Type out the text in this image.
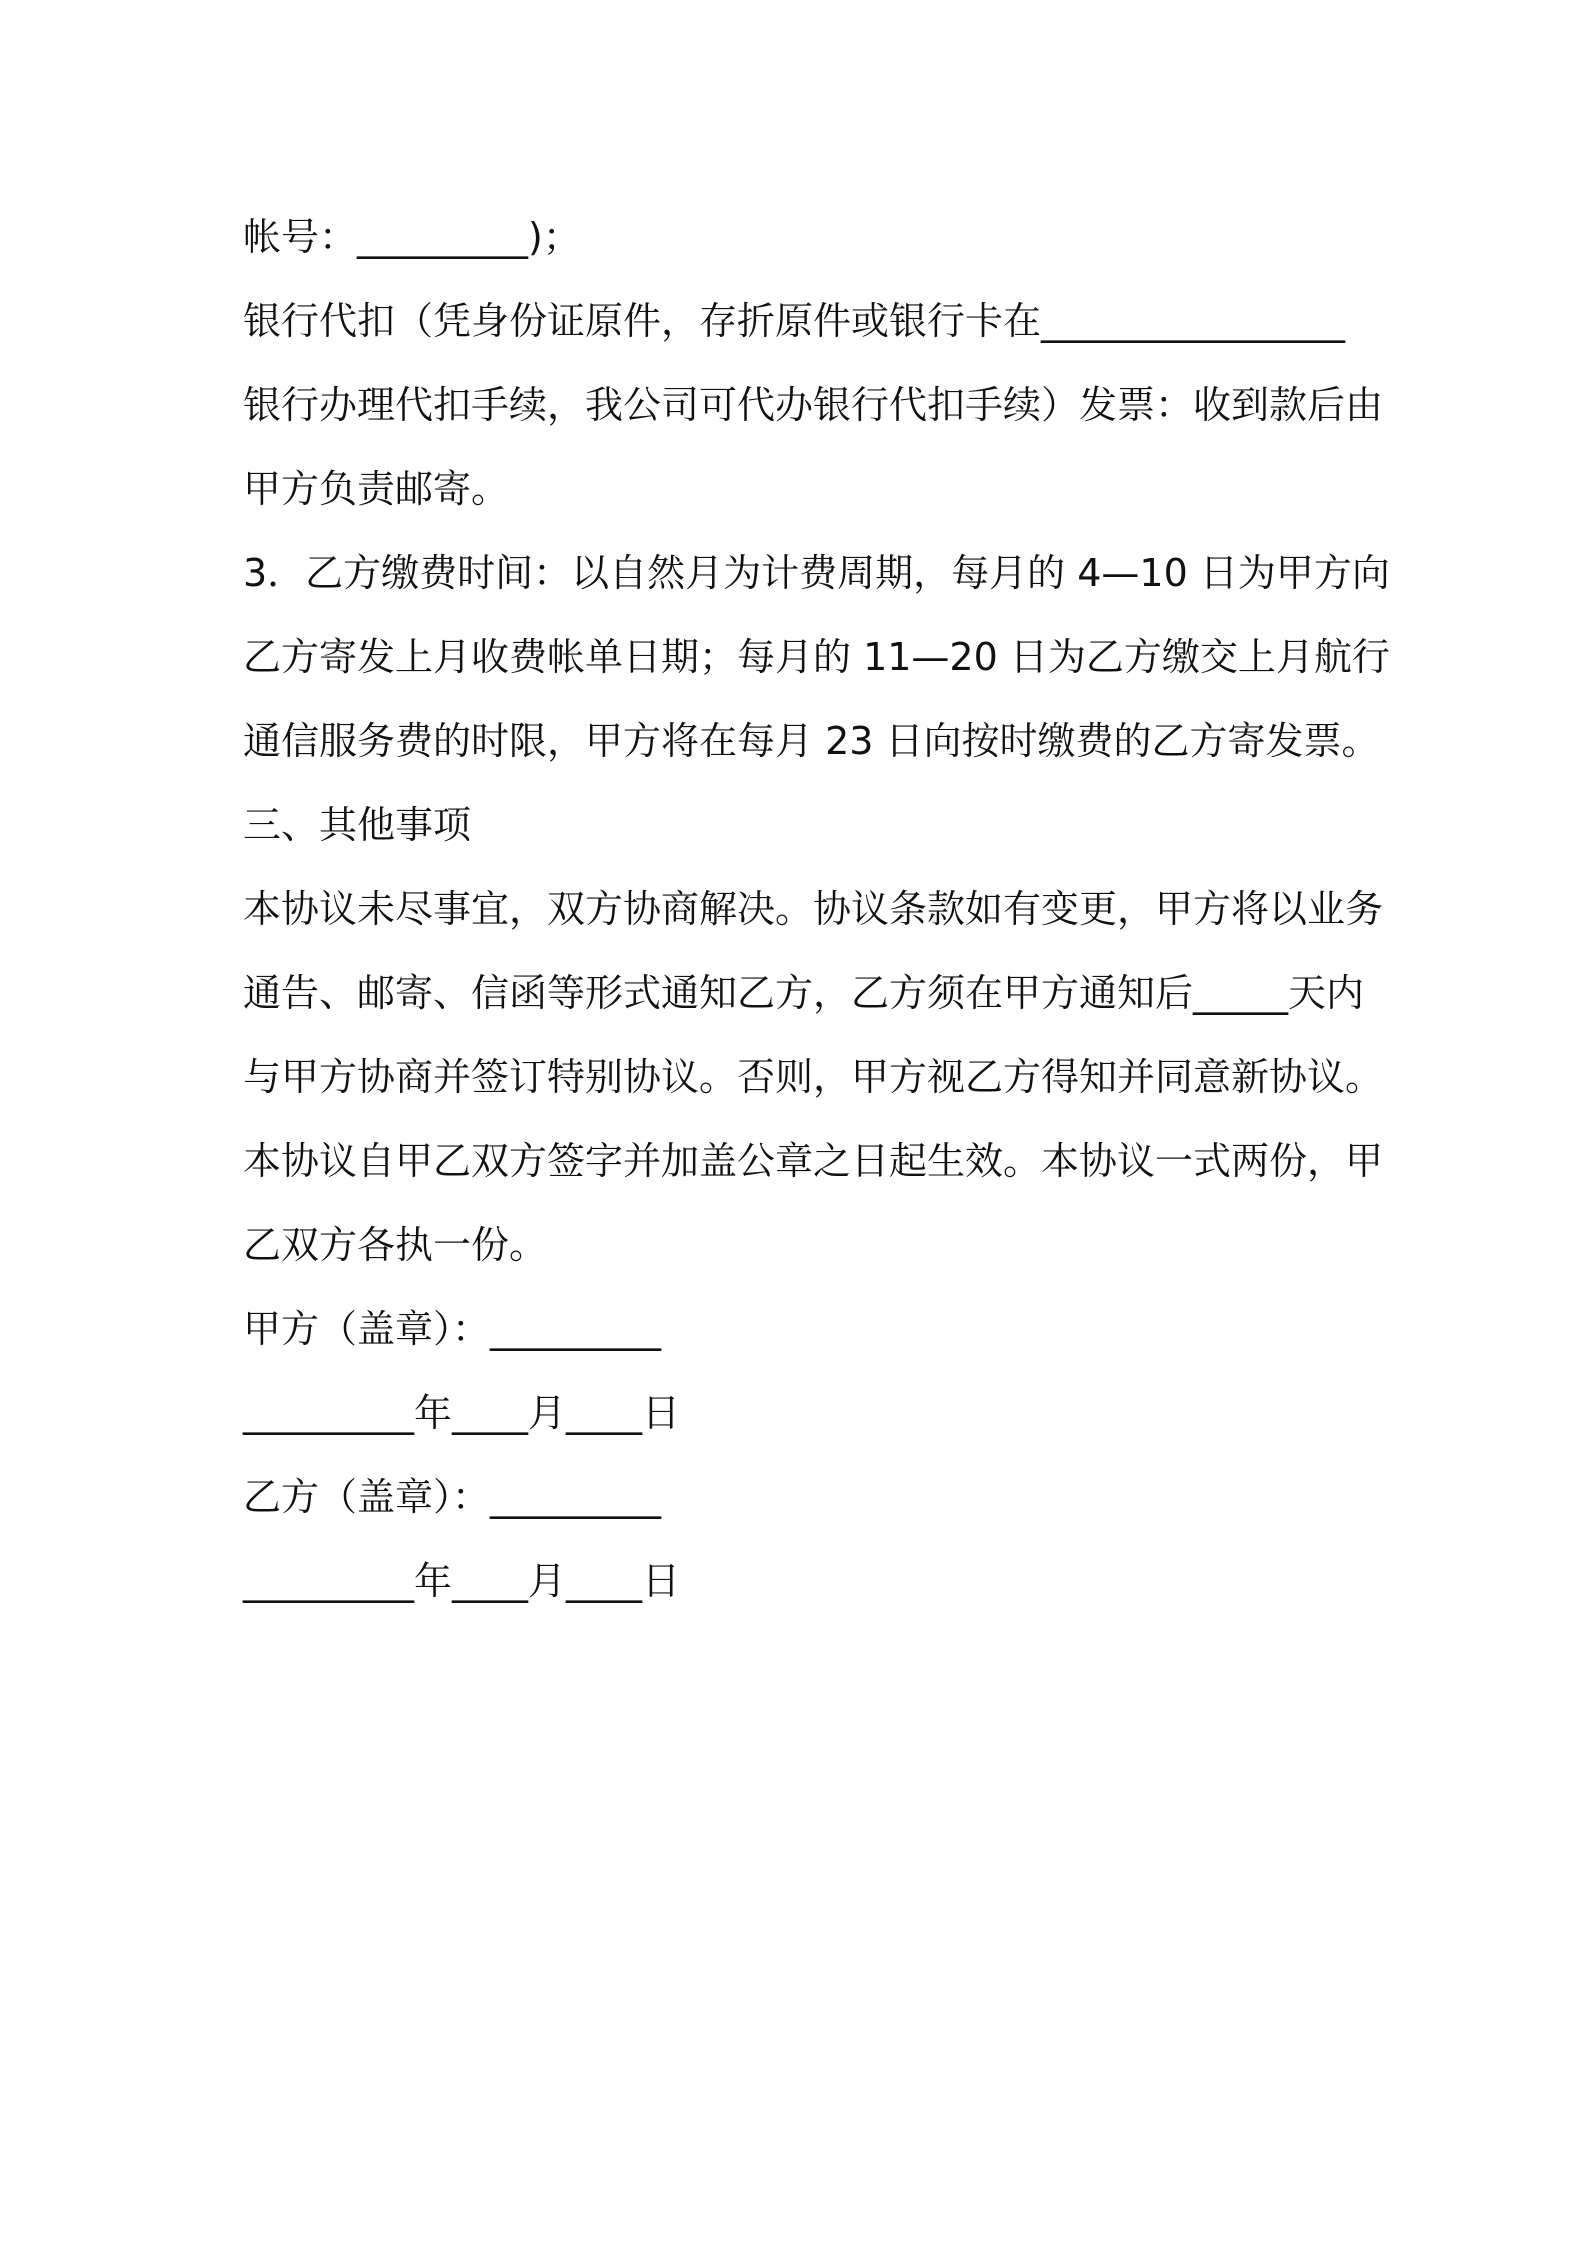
帐号：_________)；
银行代扣（凭身份证原件，存折原件或银行卡在________________
银行办理代扣手续，我公司可代办银行代扣手续）发票：收到款后由
甲方负责邮寄。
3．乙方缴费时间：以自然月为计费周期，每月的 4—10 日为甲方向
乙方寄发上月收费帐单日期；每月的 11—20 日为乙方缴交上月航行
通信服务费的时限，甲方将在每月 23 日向按时缴费的乙方寄发票。
三、其他事项
本协议未尽事宜，双方协商解决。协议条款如有变更，甲方将以业务
通告、邮寄、信函等形式通知乙方，乙方须在甲方通知后_____天内
与甲方协商并签订特别协议。否则，甲方视乙方得知并同意新协议。
本协议自甲乙双方签字并加盖公章之日起生效。本协议一式两份，甲
乙双方各执一份。
甲方（盖章）：_________
_________年____月____日
乙方（盖章）：_________
_________年____月____日
